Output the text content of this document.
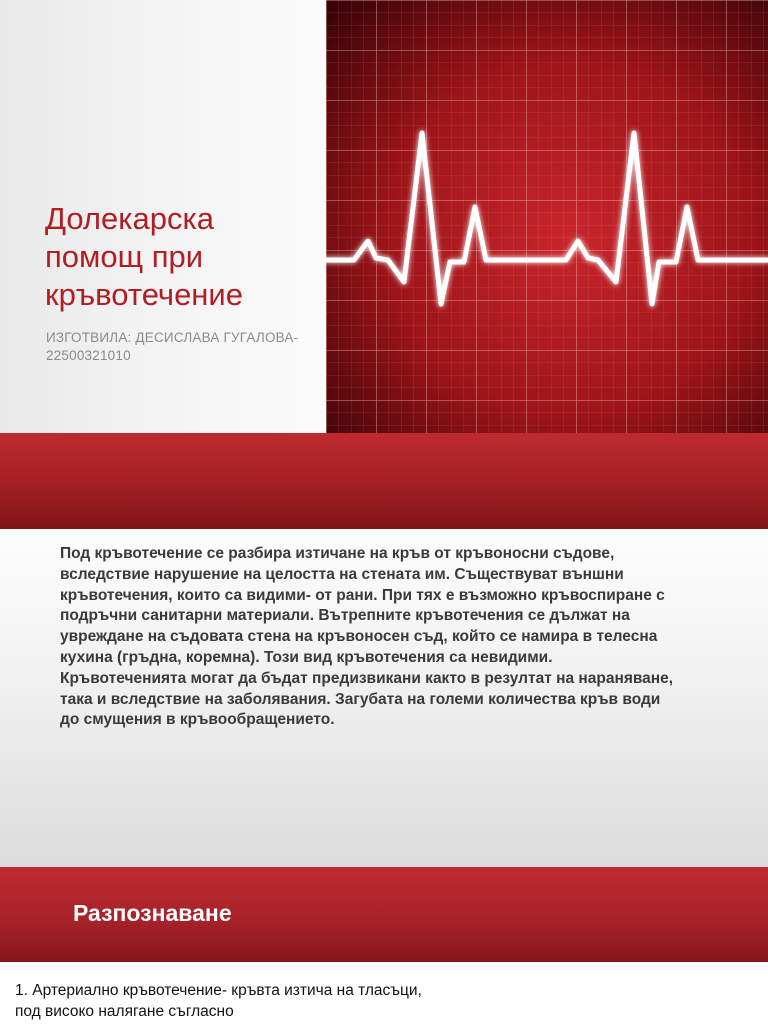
Долекарска помощ при кръвотечение
ИЗГОТВИЛА: ДЕСИСЛАВА ГУГАЛОВА- 22500321010

Под кръвотечение се разбира изтичане на кръв от кръвоносни съдове, вследствие нарушение на целостта на стената им. Съществуват външни кръвотечения, които са видими- от рани. При тях е възможно кръвоспиране с подръчни санитарни материали. Вътрепните кръвотечения се дължат на увреждане на съдовата стена на кръвоносен съд, който се намира в телесна кухина (гръдна, коремна). Този вид кръвотечения са невидими. Кръвотеченията могат да бъдат предизвикани както в резултат на нараняване, така и вследствие на заболявания. Загубата на големи количества кръв води до смущения в кръвообращението.

Разпознаване

1. Артериално кръвотечение- кръвта изтича на тласъци, под високо налягане съгласно
